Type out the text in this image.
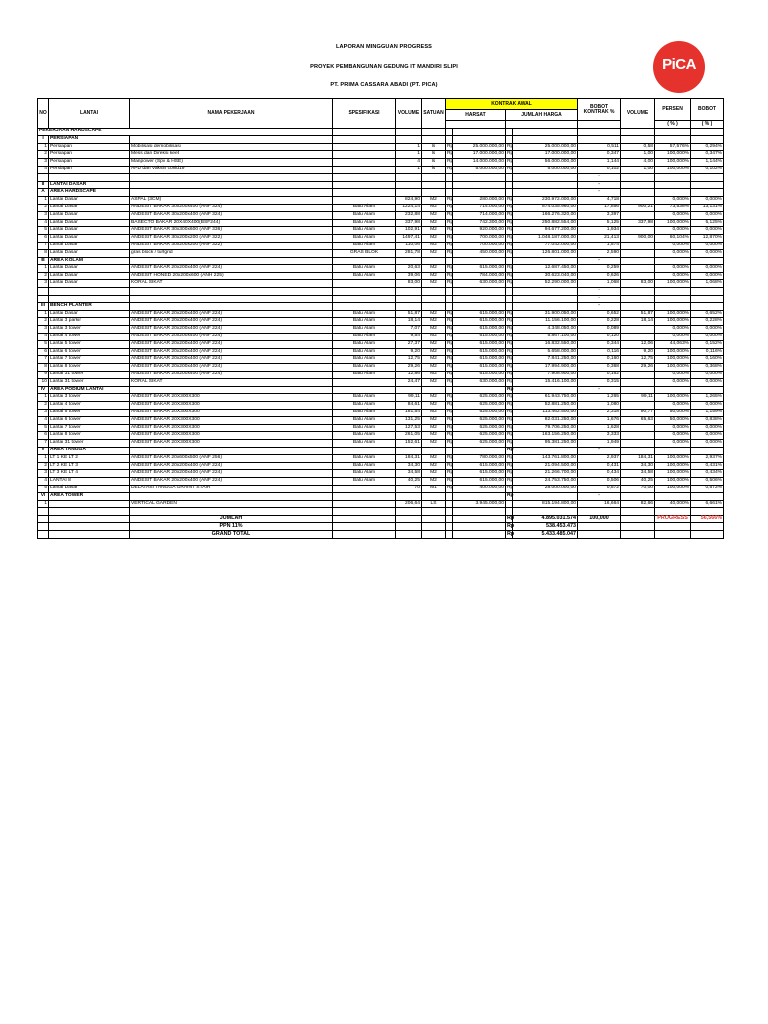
LAPORAN MINGGUAN PROGRESS
PROYEK PEMBANGUNAN GEDUNG IT MANDIRI SLIPI
PT. PRIMA CASSARA ABADI (PT. PICA)
PiCA
TRUSTED CONTRACTOR
NO	LANTAI	NAMA PEKERJAAN	SPESIFIKASI	VOLUME	SATUAN	KONTRAK AWAL				BOBOT KONTRAK %	VOLUME	PERSEN	BOBOT
						HARSAT		JUMLAH HARGA					
												( % )	( % )
PEKERJAAN HARDSCAPE													
I	PERSIAPAN												
1	Persiapan	Mobilisasi demobilisasi		1	ls	Rp	25.000.000,00	Rp	25.000.000,00	0,511	0,58	57,576%	0,294%
2	Persiapan	Mess dan Direksi keet		1	ls	Rp	17.000.000,00	Rp	17.000.000,00	0,347	1,00	100,000%	0,347%
3	Persiapan	Manpower (Spv & HSE)		4	ls	Rp	14.000.000,00	Rp	56.000.000,00	1,144	4,00	100,000%	1,144%
4	Persiapan	APD dan Vaksin covid19		1	ls	Rp	5.000.000,00	Rp	5.000.000,00	0,102	1,00	100,000%	0,102%
										-			
II	LANTAI DASAR									-			
A	AREA HARDSCAPE									-			
1	Lantai Dasar	ASPAL (3CM)		824,90	M2	Rp	280.000,00	Rp	230.972.000,00	4,718		0,000%	0,000%
2	Lantai Dasar	ANDESIT BAKAR 30x200x400 (ANF 324)	Batu Alam	1224,14	M2	Rp	714.000,00	Rp	874.035.960,00	17,856	900,21	73,538%	13,131%
3	Lantai Dasar	ANDESIT BAKAR 30x200x400 (ANF 324)	Batu Alam	232,88	M2	Rp	714.000,00	Rp	166.276.320,00	3,397		0,000%	0,000%
4	Lantai Dasar	BASECTO BAKAR 20X40X400(BSF244)	Batu Alam	337,98	M2	Rp	742.300,00	Rp	250.882.554,00	5,125	337,98	100,000%	5,125%
5	Lantai Dasar	ANDESIT BAKAR 30x300x600 (ANF 336)	Batu Alam	102,91	M2	Rp	920.000,00	Rp	94.677.200,00	1,934		0,000%	0,000%
6	Lantai Dasar	ANDESIT BAKAR 30x200x200 (ANF 322)	Batu Alam	1497,41	M2	Rp	700.000,00	Rp	1.048.187.000,00	21,413	900,00	60,104%	12,870%
7	Lantai Dasar	ANDESIT BAKAR 30x200x200 (ANF 322)	Batu Alam	110,06	M2	Rp	700.000,00	Rp	77.042.000,00	1,574		0,000%	0,000%
8	Lantai Dasar	gras block / turfgrid	GRAS BLOK	281,78	M2	Rp	450.000,00	Rp	126.801.000,00	2,590		0,000%	0,000%
B	AREA KOLAM									-			
1	Lantai Dasar	ANDESIT BAKAR 20x200x400 (ANF 224)	Batu Alam	20,63	M2	Rp	615.000,00	Rp	12.687.450,00	0,259		0,000%	0,000%
2	Lantai Dasar	ANDESIT HONED 20x200x600 (ANH 225)	Batu Alam	39,06	M2	Rp	784.000,00	Rp	30.623.040,00	0,626		0,000%	0,000%
3	Lantai Dasar	KORAL SIKAT		83,00	M2	Rp	630.000,00	Rp	52.290.000,00	1,068	83,00	100,000%	1,068%
										-			
										-			
III	BENCH PLANTER									-			
1	Lantai Dasar	ANDESIT BAKAR 20x200x400 (ANF 224)	Batu Alam	51,87	M2	Rp	615.000,00	Rp	31.900.050,00	0,652	51,87	100,000%	0,652%
2	Lantai 3 parkir	ANDESIT BAKAR 20x200x400 (ANF 224)	Batu Alam	18,14	M2	Rp	615.000,00	Rp	11.156.100,00	0,228	18,14	100,000%	0,228%
3	Lantai 3 tower	ANDESIT BAKAR 20x200x400 (ANF 224)	Batu Alam	7,07	M2	Rp	615.000,00	Rp	4.348.050,00	0,089		0,000%	0,000%
4	Lantai 4 tower	ANDESIT BAKAR 20x200x400 (ANF 224)	Batu Alam	9,54	M2	Rp	615.000,00	Rp	5.867.100,00	0,120		0,000%	0,000%
5	Lantai 5 tower	ANDESIT BAKAR 20x200x400 (ANF 224)	Batu Alam	27,37	M2	Rp	615.000,00	Rp	16.832.550,00	0,344	12,06	44,063%	0,152%
6	Lantai 6 tower	ANDESIT BAKAR 20x200x400 (ANF 224)	Batu Alam	9,20	M2	Rp	615.000,00	Rp	5.658.000,00	0,116	9,20	100,000%	0,116%
7	Lantai 7 tower	ANDESIT BAKAR 20x200x400 (ANF 224)	Batu Alam	12,75	M2	Rp	615.000,00	Rp	7.841.250,00	0,160	12,75	100,000%	0,160%
8	Lantai 8 tower	ANDESIT BAKAR 20x200x400 (ANF 224)	Batu Alam	29,26	M2	Rp	615.000,00	Rp	17.994.900,00	0,368	29,26	100,000%	0,368%
9	Lantai 31 tower	ANDESIT BAKAR 20x200x400 (ANF 224)	Batu Alam	12,86	M2	Rp	615.000,00	Rp	7.908.900,00	0,162		0,000%	0,000%
10	Lantai 31 tower	KORAL SIKAT		24,47	M2	Rp	630.000,00	Rp	15.416.100,00	0,315		0,000%	0,000%
IV	AREA PODIUM LANTAI							Rp		-			
1	Lantai 3 tower	ANDESIT BAKAR 20X300X300	Batu Alam	99,11	M2	Rp	625.000,00	Rp	61.943.750,00	1,265	99,11	100,000%	1,265%
2	Lantai 4 tower	ANDESIT BAKAR 20X300X300	Batu Alam	84,61	M2	Rp	625.000,00	Rp	52.881.250,00	1,080		0,000%	0,000%
3	Lantai 5 tower	ANDESIT BAKAR 20X300X300	Batu Alam	181,54	M2	Rp	625.000,00	Rp	113.462.500,00	2,318	90,77	50,000%	1,159%
4	Lantai 6 tower	ANDESIT BAKAR 20X300X300	Batu Alam	131,25	M2	Rp	625.000,00	Rp	82.031.250,00	1,676	65,63	50,000%	0,838%
5	Lantai 7 tower	ANDESIT BAKAR 20X300X300	Batu Alam	127,53	M2	Rp	625.000,00	Rp	79.706.250,00	1,628		0,000%	0,000%
6	Lantai 8 tower	ANDESIT BAKAR 20X300X300	Batu Alam	261,05	M2	Rp	625.000,00	Rp	163.156.250,00	3,333		0,000%	0,000%
7	Lantai 31 tower	ANDESIT BAKAR 20X300X300	Batu Alam	152,61	M2	Rp	625.000,00	Rp	95.381.250,00	1,949		0,000%	0,000%
V	AREA TANGGA							Rp		-			
1	LT 1 KE LT 2	ANDESIT BAKAR 20x600x500 (ANF 256)	Batu Alam	184,31	M2	Rp	780.000,00	Rp	143.761.800,00	2,937	184,31	100,000%	2,937%
2	LT 2 KE LT 3	ANDESIT BAKAR 20x200x400 (ANF 224)	Batu Alam	34,30	M2	Rp	615.000,00	Rp	21.094.500,00	0,431	34,30	100,000%	0,431%
3	LT 3 KE LT 4	ANDESIT BAKAR 20x200x400 (ANF 224)	Batu Alam	34,58	M2	Rp	615.000,00	Rp	21.266.700,00	0,434	34,58	100,000%	0,434%
4	LANTAI 8	ANDESIT BAKAR 20x200x400 (ANF 224)	Batu Alam	40,25	M2	Rp	615.000,00	Rp	24.753.750,00	0,506	40,25	100,000%	0,506%
5	Lantai Dasar	DELATASI TANGGA GRAINT STAIR		70	M1	Rp	400.000,00	Rp	28.000.000,00	0,572	70,00	100,000%	0,572%
VI	AREA TOWER							Rp		-			
1		VERTICAL GARDEN		206,64	LS		3.945.000,00		815.194.800,00	16,664	82,66	40,000%	6,661%

		JUMLAH						Rp	4.895.031.574	100,000		PROGRESS	56,566%
		PPN 11%						Rp	538.453.473				
		GRAND TOTAL						Rp	5.433.485.047				
